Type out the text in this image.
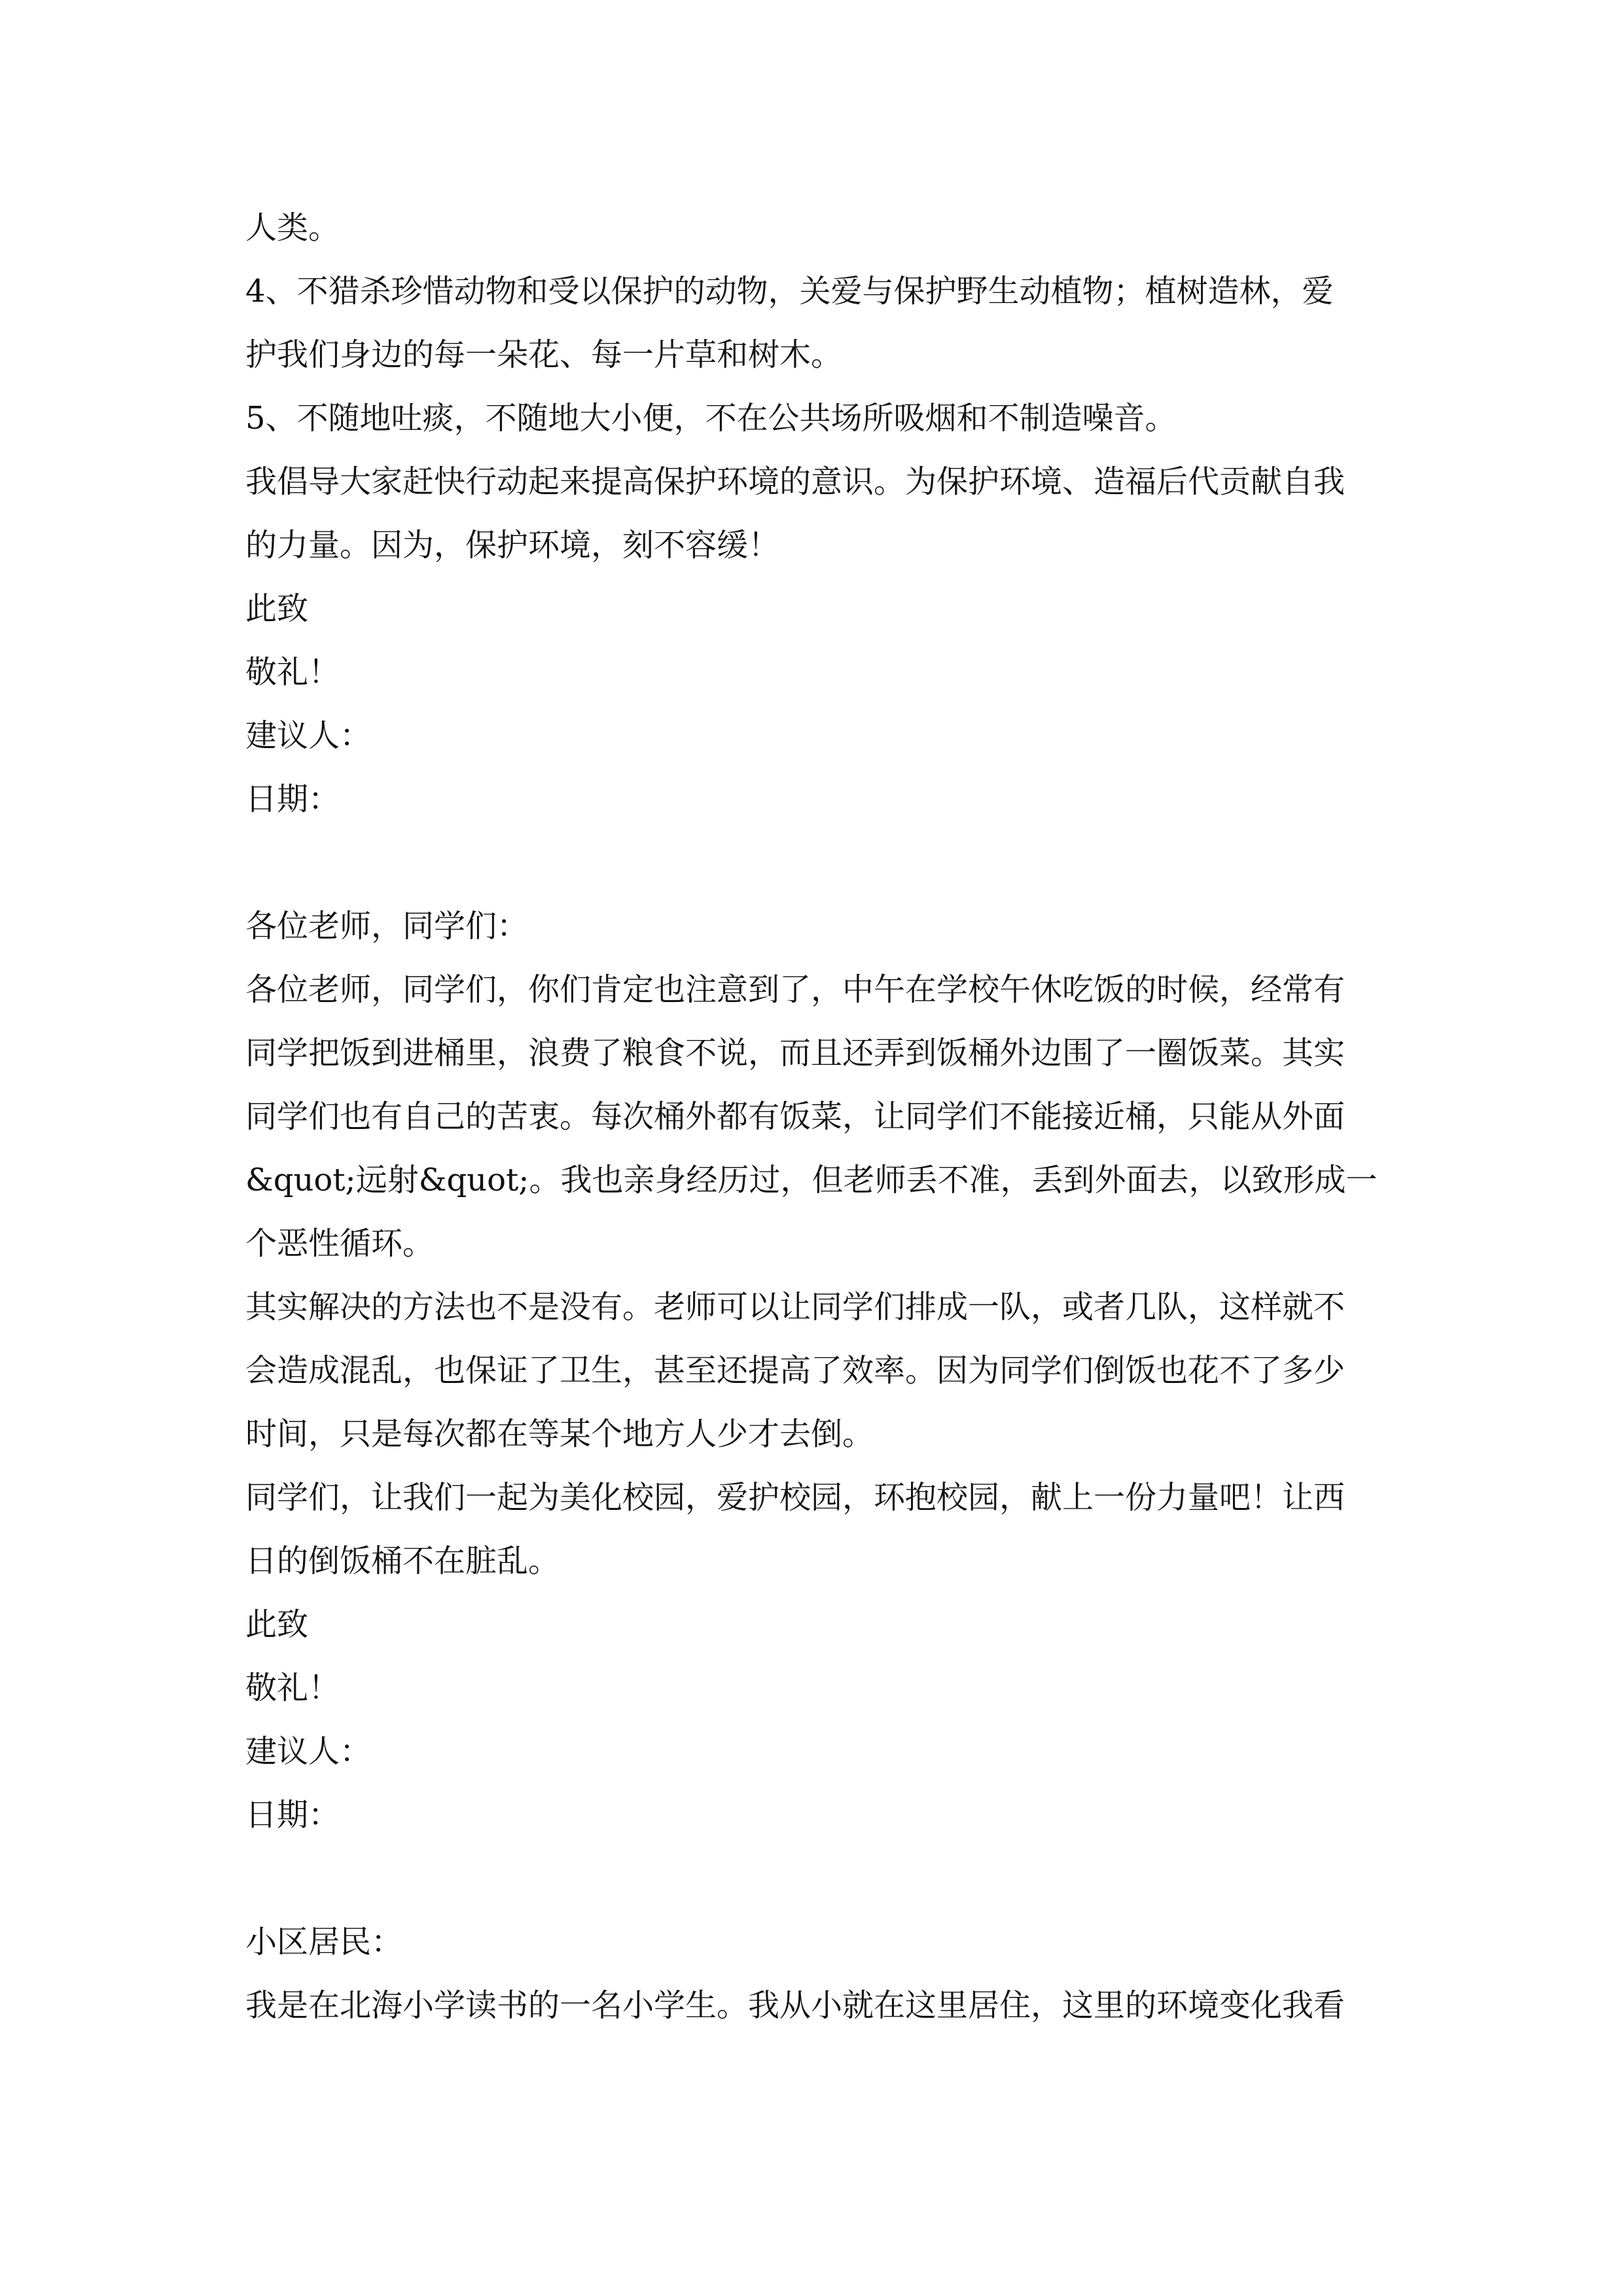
人类。
4、不猎杀珍惜动物和受以保护的动物，关爱与保护野生动植物；植树造林，爱
护我们身边的每一朵花、每一片草和树木。
5、不随地吐痰，不随地大小便，不在公共场所吸烟和不制造噪音。
我倡导大家赶快行动起来提高保护环境的意识。为保护环境、造福后代贡献自我
的力量。因为，保护环境，刻不容缓！
此致
敬礼！
建议人：
日期：
各位老师，同学们：
各位老师，同学们，你们肯定也注意到了，中午在学校午休吃饭的时候，经常有
同学把饭到进桶里，浪费了粮食不说，而且还弄到饭桶外边围了一圈饭菜。其实
同学们也有自己的苦衷。每次桶外都有饭菜，让同学们不能接近桶，只能从外面
&quot;远射&quot;。我也亲身经历过，但老师丢不准，丢到外面去，以致形成一
个恶性循环。
其实解决的方法也不是没有。老师可以让同学们排成一队，或者几队，这样就不
会造成混乱，也保证了卫生，甚至还提高了效率。因为同学们倒饭也花不了多少
时间，只是每次都在等某个地方人少才去倒。
同学们，让我们一起为美化校园，爱护校园，环抱校园，献上一份力量吧！让西
日的倒饭桶不在脏乱。
此致
敬礼！
建议人：
日期：
小区居民：
我是在北海小学读书的一名小学生。我从小就在这里居住，这里的环境变化我看
